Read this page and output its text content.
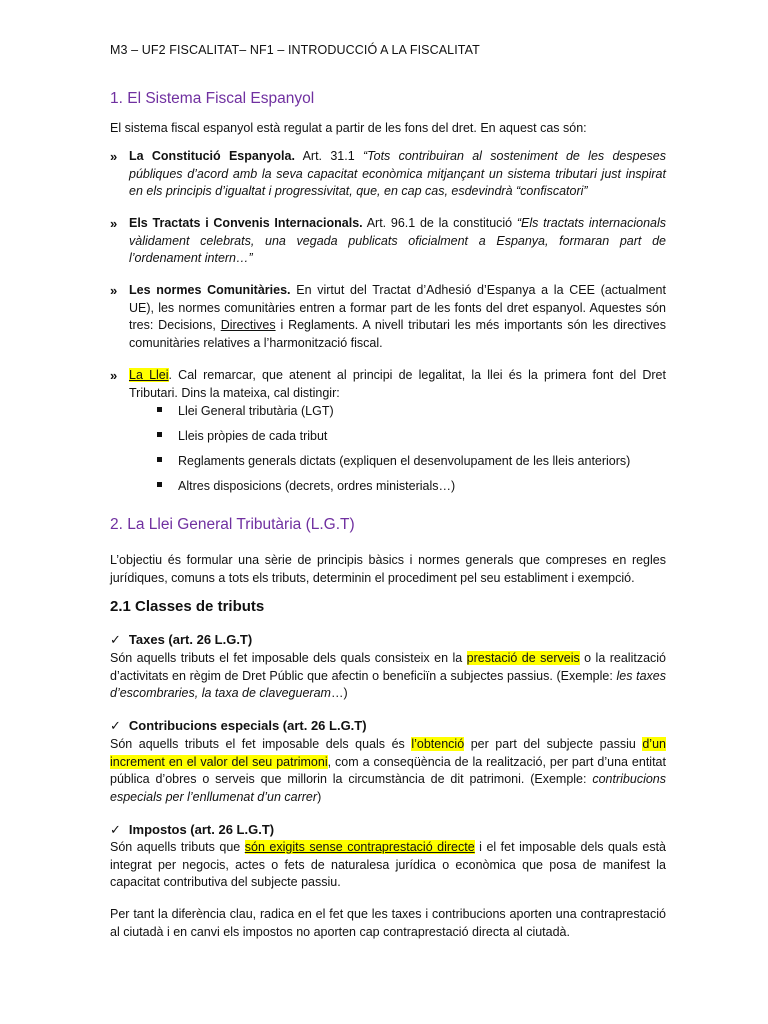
M3 – UF2 FISCALITAT– NF1 – INTRODUCCIÓ A LA FISCALITAT
1. El Sistema Fiscal Espanyol
El sistema fiscal espanyol està regulat a partir de les fons del dret. En aquest cas són:
» La Constitució Espanyola. Art. 31.1 “Tots contribuiran al sosteniment de les despeses públiques d’acord amb la seva capacitat econòmica mitjançant un sistema tributari just inspirat en els principis d’igualtat i progressivitat, que, en cap cas, esdevindrà “confiscatori”
» Els Tractats i Convenis Internacionals. Art. 96.1 de la constitució “Els tractats internacionals vàlidament celebrats, una vegada publicats oficialment a Espanya, formaran part de l’ordenament intern…”
» Les normes Comunitàries. En virtut del Tractat d’Adhesió d’Espanya a la CEE (actualment UE), les normes comunitàries entren a formar part de les fonts del dret espanyol. Aquestes són tres: Decisions, Directives i Reglaments. A nivell tributari les més importants són les directives comunitàries relatives a l’harmonització fiscal.
» La Llei. Cal remarcar, que atenent al principi de legalitat, la llei és la primera font del Dret Tributari. Dins la mateixa, cal distingir:
Llei General tributària (LGT)
Lleis pròpies de cada tribut
Reglaments generals dictats (expliquen el desenvolupament de les lleis anteriors)
Altres disposicions (decrets, ordres ministerials…)
2. La Llei General Tributària (L.G.T)
L’objectiu és formular una sèrie de principis bàsics i normes generals que compreses en regles jurídiques, comuns a tots els tributs, determinin el procediment pel seu establiment i exempció.
2.1 Classes de tributs
✓ Taxes (art. 26 L.G.T)
Són aquells tributs el fet imposable dels quals consisteix en la prestació de serveis o la realització d’activitats en règim de Dret Públic que afectin o beneficiïn a subjectes passius. (Exemple: les taxes d’escombraries, la taxa de clavegueram…)
✓ Contribucions especials (art. 26 L.G.T)
Són aquells tributs el fet imposable dels quals és l’obtenció per part del subjecte passiu d’un increment en el valor del seu patrimoni, com a conseqüència de la realització, per part d’una entitat pública d’obres o serveis que millorin la circumstància de dit patrimoni. (Exemple: contribucions especials per l’enllumenat d’un carrer)
✓ Impostos (art. 26 L.G.T)
Són aquells tributs que són exigits sense contraprestació directe i el fet imposable dels quals està integrat per negocis, actes o fets de naturalesa jurídica o econòmica que posa de manifest la capacitat contributiva del subjecte passiu.
Per tant la diferència clau, radica en el fet que les taxes i contribucions aporten una contraprestació al ciutadà i en canvi els impostos no aporten cap contraprestació directa al ciutadà.
